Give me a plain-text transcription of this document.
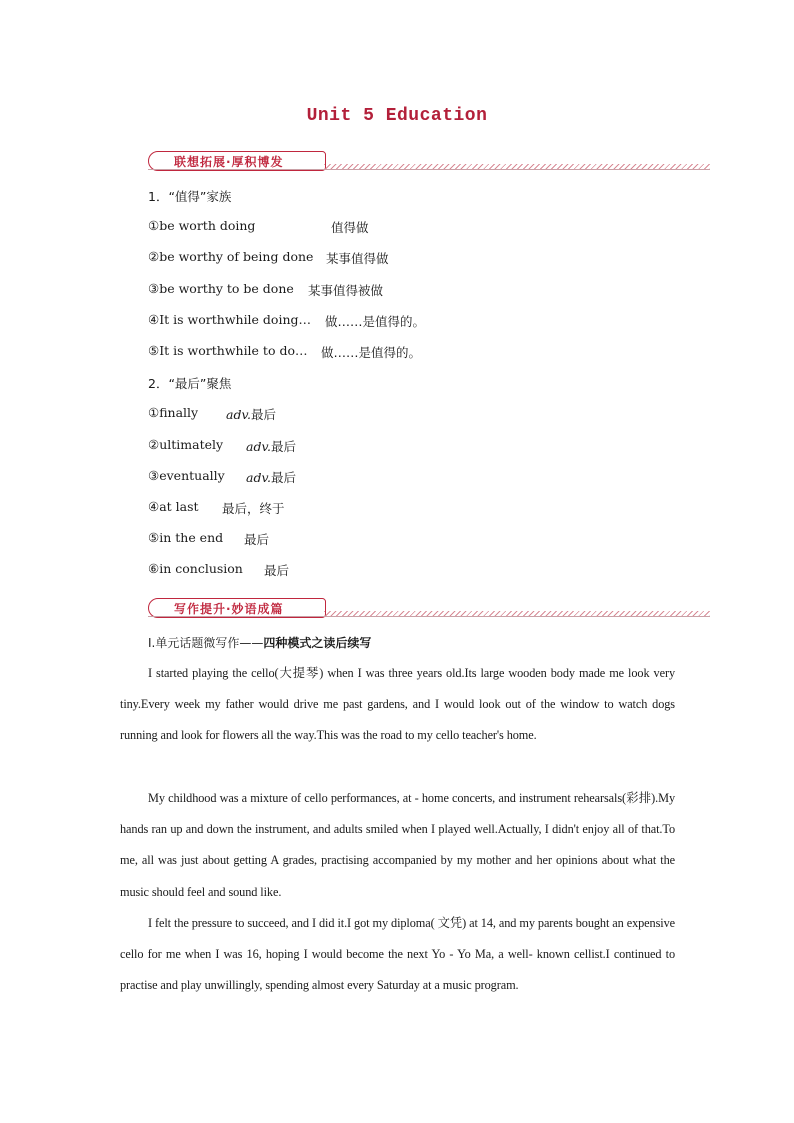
Unit 5 Education
联想拓展·厚积博发
1．“值得”家族
①be worth doing	值得做
②be worthy of being done 某事值得做
③be worthy to be done 某事值得被做
④It is worthwhile doing… 做……是值得的。
⑤It is worthwhile to do… 做……是值得的。
2．“最后”聚焦
①finally adv.最后
②ultimately adv.最后
③eventually adv.最后
④at last 最后，终于
⑤in the end 最后
⑥in conclusion 最后
写作提升·妙语成篇
Ⅰ.单元话题微写作——四种模式之读后续写
I started playing the cello(大提琴) when I was three years old.Its large wooden body made me look very tiny.Every week my father would drive me past gardens, and I would look out of the window to watch dogs running and look for flowers all the way.This was the road to my cello teacher's home.
My childhood was a mixture of cello performances, at - home concerts, and instrument rehearsals(彩排).My hands ran up and down the instrument, and adults smiled when I played well.Actually, I didn't enjoy all of that.To me, all was just about getting A grades, practising accompanied by my mother and her opinions about what the music should feel and sound like.
I felt the pressure to succeed, and I did it.I got my diploma( 文凭) at 14, and my parents bought an expensive cello for me when I was 16, hoping I would become the next Yo - Yo Ma, a well- known cellist.I continued to practise and play unwillingly, spending almost every Saturday at a music program.
